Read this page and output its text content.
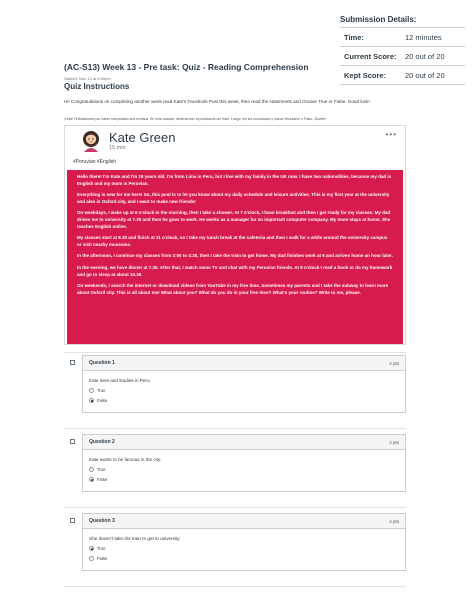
Submission Details:
Time:	12 minutes
Current Score:	20 out of 20
Kept Score:	20 out of 20
(AC-S13) Week 13 - Pre task: Quiz - Reading Comprehension
Started: Nov 12 at 8:09pm
Quiz Instructions
Hi! Congratulations on completing another week.read Kate's Facebook Post this week, then read the statements and choose True or False. Good luck!
¡Hola! Felicitaciones por haber completado otra semana. En esta ocasion, deberás leer la publicación de Kate. Luego, lee los enunciados y marca Verdadero o Falso. ¡Suerte!
Kate Green
15 min
•••
#Peruvian #English

Hello there! I'm Kate and I'm 18 years old. I'm from Lima in Peru, but I live with my family in the UK now. I have two nationalities, because my dad is English and my mom is Peruvian.

Everything is new for me here! So, this post is to let you know about my daily schedule and leisure activities. This is my first year at the university and also in Oxford city, and I want to make new friends!

On weekdays, I wake up at 6 o'clock in the morning, then I take a shower. At 7 o'clock, I have breakfast and then I get ready for my classes. My dad drives me to university at 7.30 and then he goes to work. He works as a manager for an important computer company. My mom stays at home. She teaches English online.

My classes start at 8.30 and finish at 11 o'clock, so I take my lunch break at the cafeteria and then I walk for a while around the university campus or visit nearby museums.

In the afternoon, I continue my classes from 2:00 to 4:30, then I take the train to get home. My dad finishes work at 6 and arrives home an hour later.

In the evening, we have dinner at 7.30. After that, I watch some TV and chat with my Peruvian friends. At 9 o'clock I read a book or do my homework and go to sleep at about 10.30.

On weekends, I search the internet or download videos from YouTube in my free time. Sometimes my parents and I take the subway to learn more about Oxford city. This is all about me! What about you? What do you do in your free time? What's your routine? Write to me, please.

Question 1	2 pts
Kate lives and studies in Peru.
True
False
Question 2	2 pts
Kate wants to be famous in the city.
True
False
Question 3	2 pts
She doesn't take the train to get to university.
True
False
